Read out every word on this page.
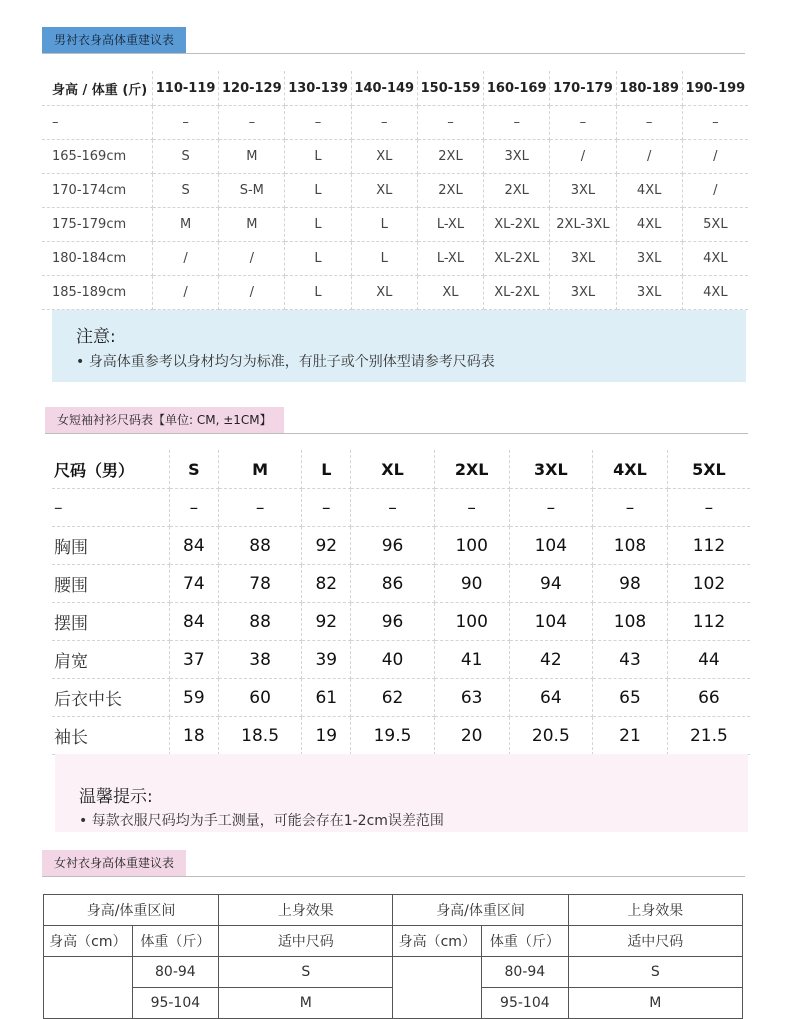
男衬衣身高体重建议表
身高 / 体重 (斤)	110-119	120-129	130-139	140-149	150-159	160-169	170-179	180-189	190-199
–	–	–	–	–	–	–	–	–	–
165-169cm	S	M	L	XL	2XL	3XL	/	/	/
170-174cm	S	S-M	L	XL	2XL	2XL	3XL	4XL	/
175-179cm	M	M	L	L	L-XL	XL-2XL	2XL-3XL	4XL	5XL
180-184cm	/	/	L	L	L-XL	XL-2XL	3XL	3XL	4XL
185-189cm	/	/	L	XL	XL	XL-2XL	3XL	3XL	4XL
注意:
• 身高体重参考以身材均匀为标准，有肚子或个别体型请参考尺码表
女短袖衬衫尺码表【单位: CM, ±1CM】
尺码（男）	S	M	L	XL	2XL	3XL	4XL	5XL
–	–	–	–	–	–	–	–	–
胸围	84	88	92	96	100	104	108	112
腰围	74	78	82	86	90	94	98	102
摆围	84	88	92	96	100	104	108	112
肩宽	37	38	39	40	41	42	43	44
后衣中长	59	60	61	62	63	64	65	66
袖长	18	18.5	19	19.5	20	20.5	21	21.5
温馨提示:
• 每款衣服尺码均为手工测量，可能会存在1-2cm误差范围
女衬衣身高体重建议表
身高/体重区间		上身效果	身高/体重区间		上身效果
身高（cm）	体重（斤）	适中尺码	身高（cm）	体重（斤）	适中尺码
	80-94	S		80-94	S
	95-104	M		95-104	M
